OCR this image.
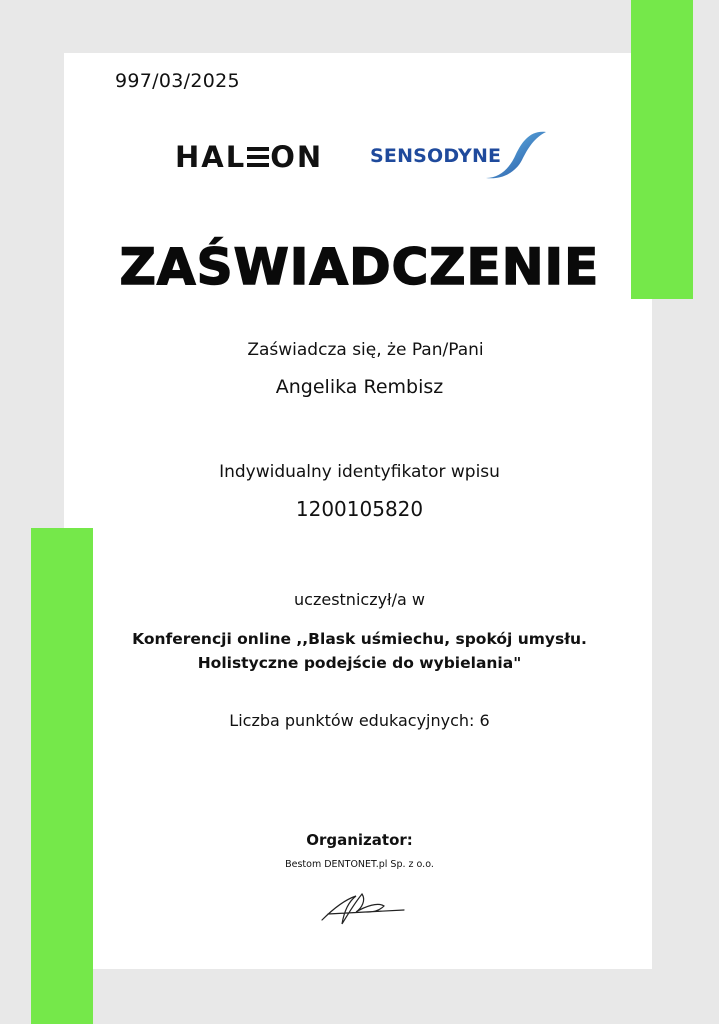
997/03/2025
HAL ON SENSODYNE
ZAŚWIADCZENIE
Zaświadcza się, że Pan/Pani
Angelika Rembisz
Indywidualny identyfikator wpisu
1200105820
uczestniczył/a w
Konferencji online ,,Blask uśmiechu, spokój umysłu.
Holistyczne podejście do wybielania"
Liczba punktów edukacyjnych: 6
Organizator:
Bestom DENTONET.pl Sp. z o.o.
